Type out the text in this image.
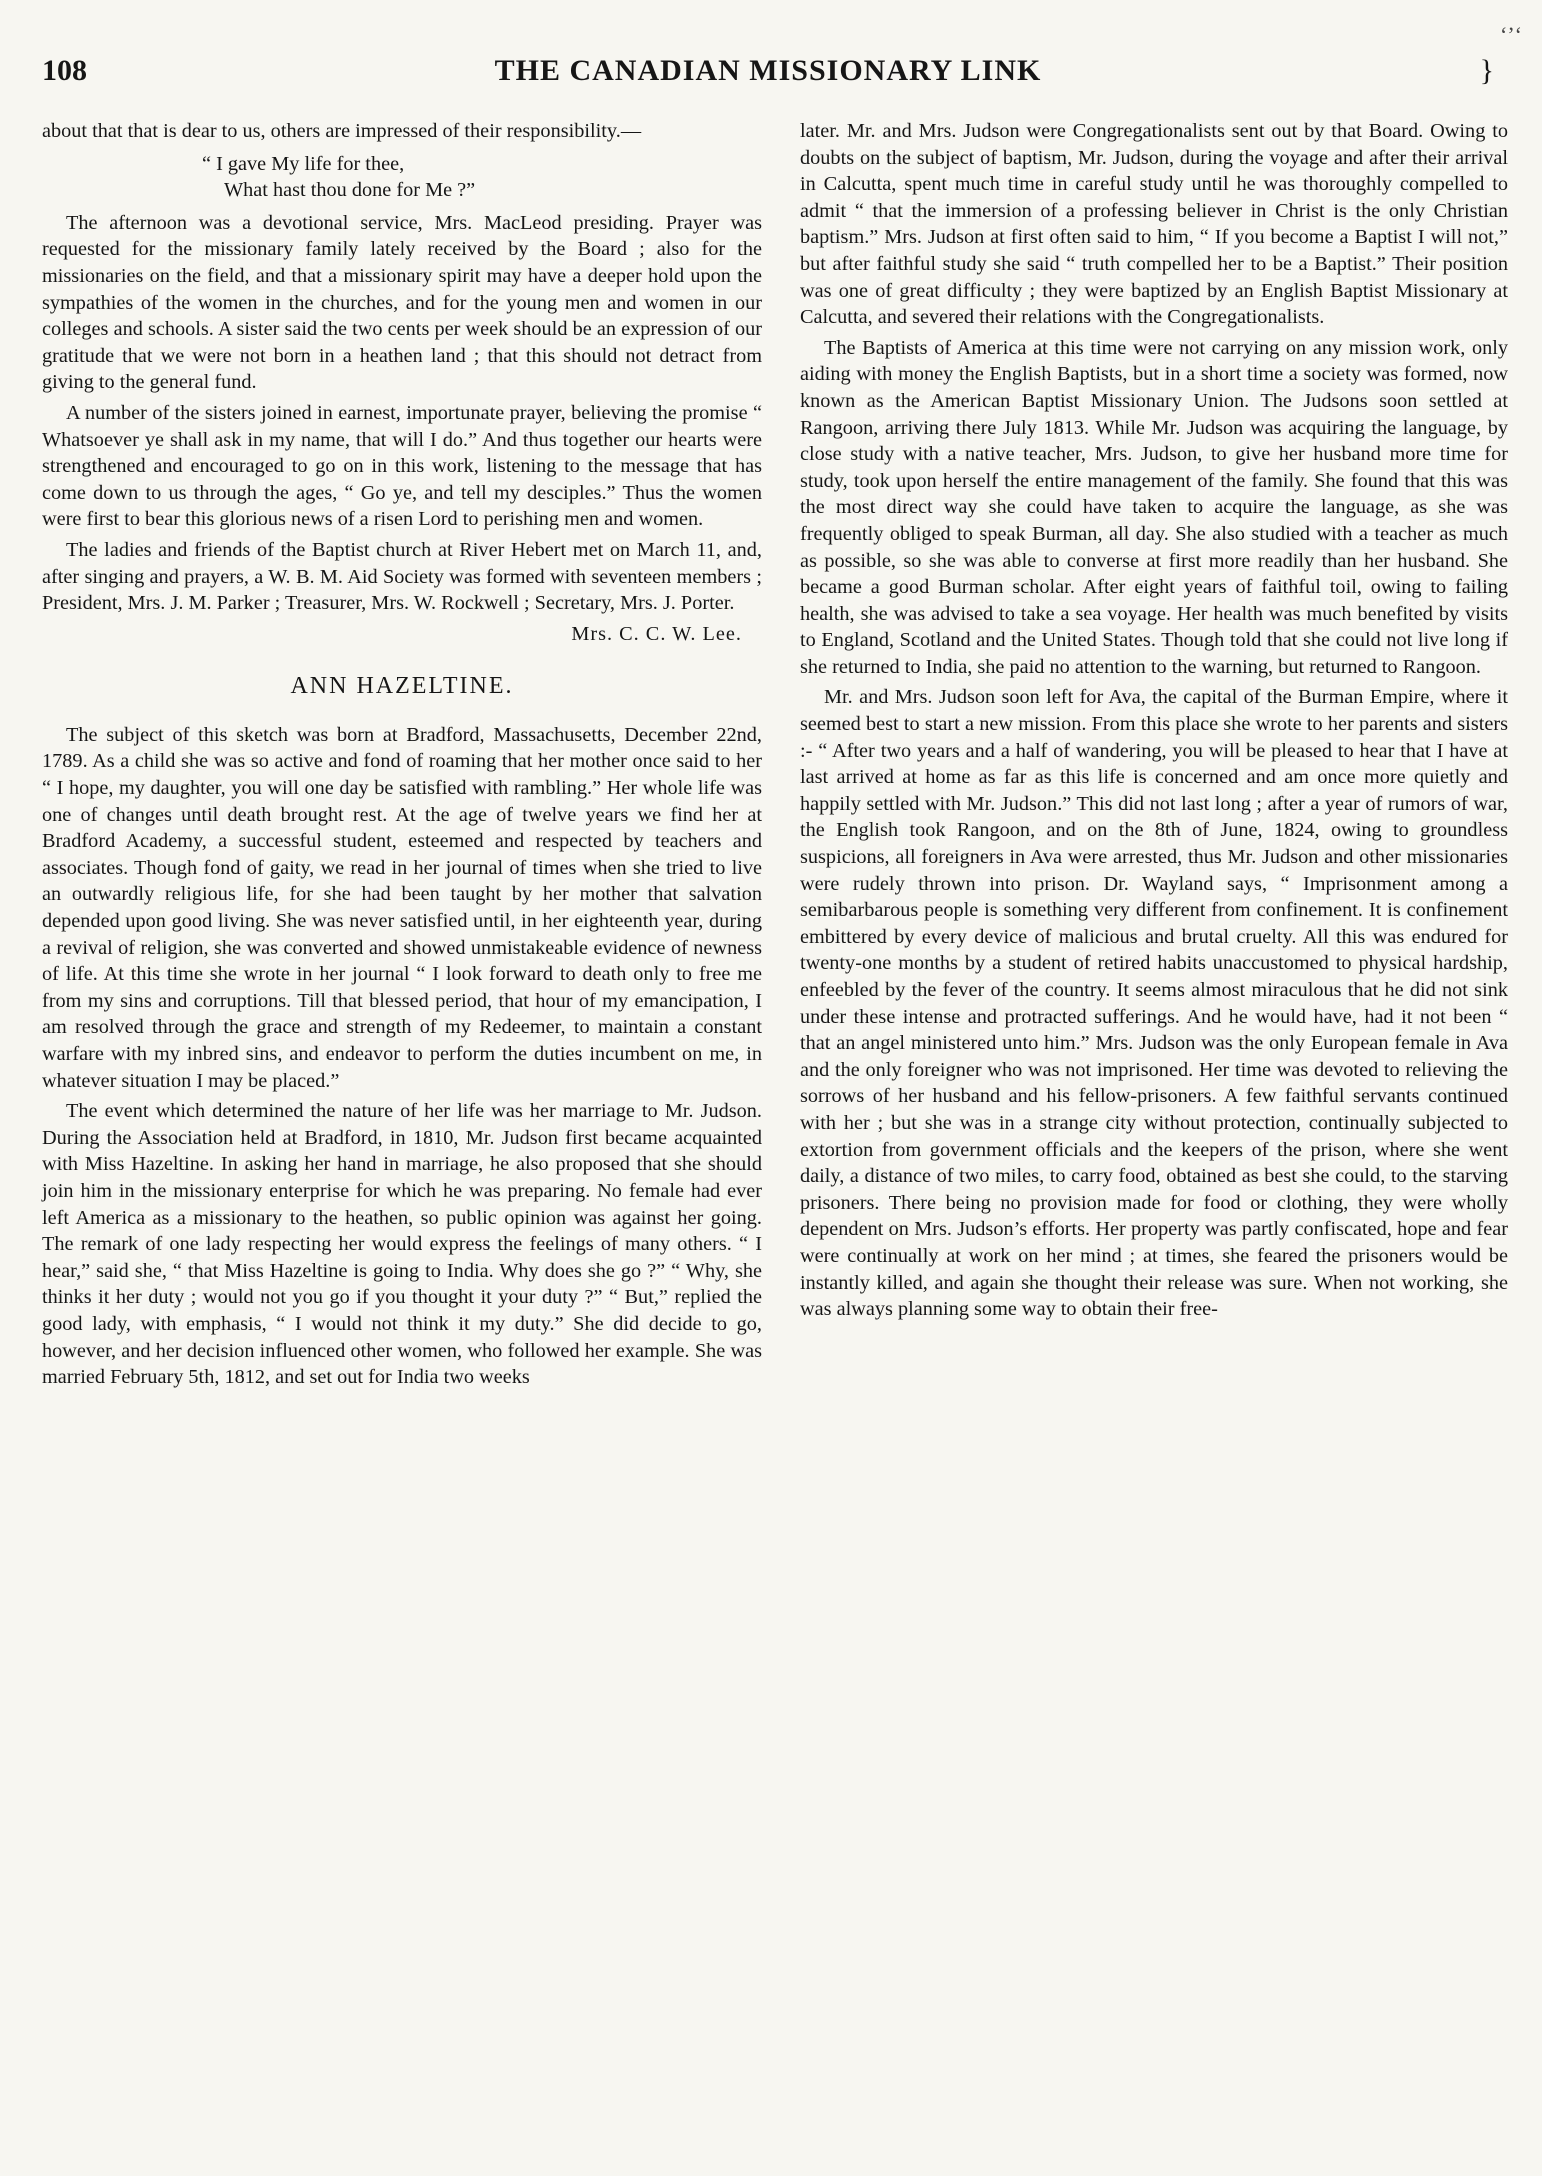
‘’‘
108	THE CANADIAN MISSIONARY LINK	}

about that that is dear to us, others are impressed of their responsibility.—

“ I gave My life for thee,
What hast thou done for Me ?”

The afternoon was a devotional service, Mrs. MacLeod presiding. Prayer was requested for the missionary family lately received by the Board ; also for the missionaries on the field, and that a missionary spirit may have a deeper hold upon the sympathies of the women in the churches, and for the young men and women in our colleges and schools. A sister said the two cents per week should be an expression of our gratitude that we were not born in a heathen land ; that this should not detract from giving to the general fund.

A number of the sisters joined in earnest, importunate prayer, believing the promise “ Whatsoever ye shall ask in my name, that will I do.” And thus together our hearts were strengthened and encouraged to go on in this work, listening to the message that has come down to us through the ages, “ Go ye, and tell my desciples.” Thus the women were first to bear this glorious news of a risen Lord to perishing men and women.

The ladies and friends of the Baptist church at River Hebert met on March 11, and, after singing and prayers, a W. B. M. Aid Society was formed with seventeen members ; President, Mrs. J. M. Parker ; Treasurer, Mrs. W. Rockwell ; Secretary, Mrs. J. Porter.

Mrs. C. C. W. Lee.
ANN HAZELTINE.

The subject of this sketch was born at Bradford, Massachusetts, December 22nd, 1789. As a child she was so active and fond of roaming that her mother once said to her “ I hope, my daughter, you will one day be satisfied with rambling.” Her whole life was one of changes until death brought rest. At the age of twelve years we find her at Bradford Academy, a successful student, esteemed and respected by teachers and associates. Though fond of gaity, we read in her journal of times when she tried to live an outwardly religious life, for she had been taught by her mother that salvation depended upon good living. She was never satisfied until, in her eighteenth year, during a revival of religion, she was converted and showed unmistakeable evidence of newness of life. At this time she wrote in her journal “ I look forward to death only to free me from my sins and corruptions. Till that blessed period, that hour of my emancipation, I am resolved through the grace and strength of my Redeemer, to maintain a constant warfare with my inbred sins, and endeavor to perform the duties incumbent on me, in whatever situation I may be placed.”

The event which determined the nature of her life was her marriage to Mr. Judson. During the Association held at Bradford, in 1810, Mr. Judson first became acquainted with Miss Hazeltine. In asking her hand in marriage, he also proposed that she should join him in the missionary enterprise for which he was preparing. No female had ever left America as a missionary to the heathen, so public opinion was against her going. The remark of one lady respecting her would express the feelings of many others. “ I hear,” said she, “ that Miss Hazeltine is going to India. Why does she go ?” “ Why, she thinks it her duty ; would not you go if you thought it your duty ?” “ But,” replied the good lady, with emphasis, “ I would not think it my duty.” She did decide to go, however, and her decision influenced other women, who followed her example. She was married February 5th, 1812, and set out for India two weeks

later. Mr. and Mrs. Judson were Congregationalists sent out by that Board. Owing to doubts on the subject of baptism, Mr. Judson, during the voyage and after their arrival in Calcutta, spent much time in careful study until he was thoroughly compelled to admit “ that the immersion of a professing believer in Christ is the only Christian baptism.” Mrs. Judson at first often said to him, “ If you become a Baptist I will not,” but after faithful study she said “ truth compelled her to be a Baptist.” Their position was one of great difficulty ; they were baptized by an English Baptist Missionary at Calcutta, and severed their relations with the Congregationalists.

The Baptists of America at this time were not carrying on any mission work, only aiding with money the English Baptists, but in a short time a society was formed, now known as the American Baptist Missionary Union. The Judsons soon settled at Rangoon, arriving there July 1813. While Mr. Judson was acquiring the language, by close study with a native teacher, Mrs. Judson, to give her husband more time for study, took upon herself the entire management of the family. She found that this was the most direct way she could have taken to acquire the language, as she was frequently obliged to speak Burman, all day. She also studied with a teacher as much as possible, so she was able to converse at first more readily than her husband. She became a good Burman scholar. After eight years of faithful toil, owing to failing health, she was advised to take a sea voyage. Her health was much benefited by visits to England, Scotland and the United States. Though told that she could not live long if she returned to India, she paid no attention to the warning, but returned to Rangoon.

Mr. and Mrs. Judson soon left for Ava, the capital of the Burman Empire, where it seemed best to start a new mission. From this place she wrote to her parents and sisters :- “ After two years and a half of wandering, you will be pleased to hear that I have at last arrived at home as far as this life is concerned and am once more quietly and happily settled with Mr. Judson.” This did not last long ; after a year of rumors of war, the English took Rangoon, and on the 8th of June, 1824, owing to groundless suspicions, all foreigners in Ava were arrested, thus Mr. Judson and other missionaries were rudely thrown into prison. Dr. Wayland says, “ Imprisonment among a semibarbarous people is something very different from confinement. It is confinement embittered by every device of malicious and brutal cruelty. All this was endured for twenty-one months by a student of retired habits unaccustomed to physical hardship, enfeebled by the fever of the country. It seems almost miraculous that he did not sink under these intense and protracted sufferings. And he would have, had it not been “ that an angel ministered unto him.” Mrs. Judson was the only European female in Ava and the only foreigner who was not imprisoned. Her time was devoted to relieving the sorrows of her husband and his fellow-prisoners. A few faithful servants continued with her ; but she was in a strange city without protection, continually subjected to extortion from government officials and the keepers of the prison, where she went daily, a distance of two miles, to carry food, obtained as best she could, to the starving prisoners. There being no provision made for food or clothing, they were wholly dependent on Mrs. Judson’s efforts. Her property was partly confiscated, hope and fear were continually at work on her mind ; at times, she feared the prisoners would be instantly killed, and again she thought their release was sure. When not working, she was always planning some way to obtain their free-
